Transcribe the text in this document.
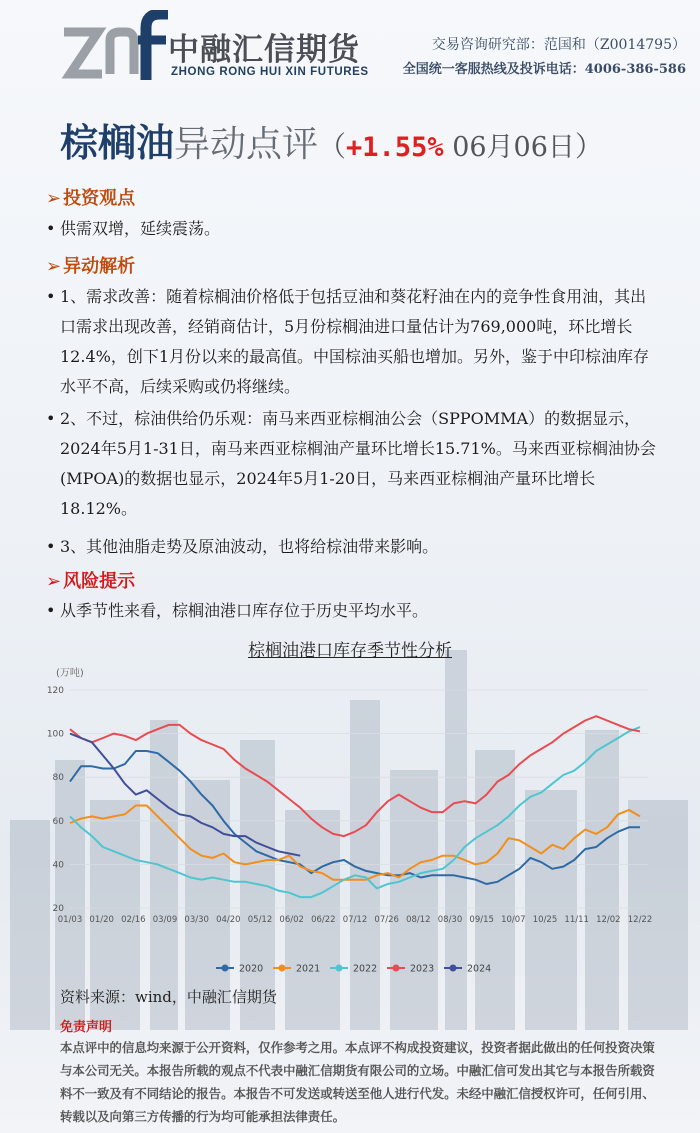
中融汇信期货
ZHONG RONG HUI XIN FUTURES
交易咨询研究部：范国和（Z0014795）
全国统一客服热线及投诉电话：4006-386-586
棕榈油异动点评（+1.55% 06月06日）
➢ 投资观点
• 供需双增，延续震荡。
➢ 异动解析
• 1、需求改善：随着棕榈油价格低于包括豆油和葵花籽油在内的竞争性食用油，其出口需求出现改善，经销商估计，5月份棕榈油进口量估计为769,000吨，环比增长12.4%，创下1月份以来的最高值。中国棕油买船也增加。另外，鉴于中印棕油库存水平不高，后续采购或仍将继续。
• 2、不过，棕油供给仍乐观：南马来西亚棕榈油公会（SPPOMMA）的数据显示，2024年5月1-31日，南马来西亚棕榈油产量环比增长15.71%。马来西亚棕榈油协会(MPOA)的数据也显示，2024年5月1-20日，马来西亚棕榈油产量环比增长18.12%。
• 3、其他油脂走势及原油波动，也将给棕油带来影响。
➢ 风险提示
• 从季节性来看，棕榈油港口库存位于历史平均水平。
棕榈油港口库存季节性分析
(万吨)
20
40
60
80
100
120
01/03 01/20 02/16 03/09 03/30 04/20 05/12 06/02 06/22 07/12 07/26 08/12 08/30 09/15 10/07 10/25 11/11 12/02 12/22
2020	2021	2022	2023	2024
资料来源：wind，中融汇信期货
免责声明
本点评中的信息均来源于公开资料，仅作参考之用。本点评不构成投资建议，投资者据此做出的任何投资决策与本公司无关。本报告所载的观点不代表中融汇信期货有限公司的立场。中融汇信可发出其它与本报告所载资料不一致及有不同结论的报告。本报告不可发送或转送至他人进行代发。未经中融汇信授权许可，任何引用、转载以及向第三方传播的行为均可能承担法律责任。
